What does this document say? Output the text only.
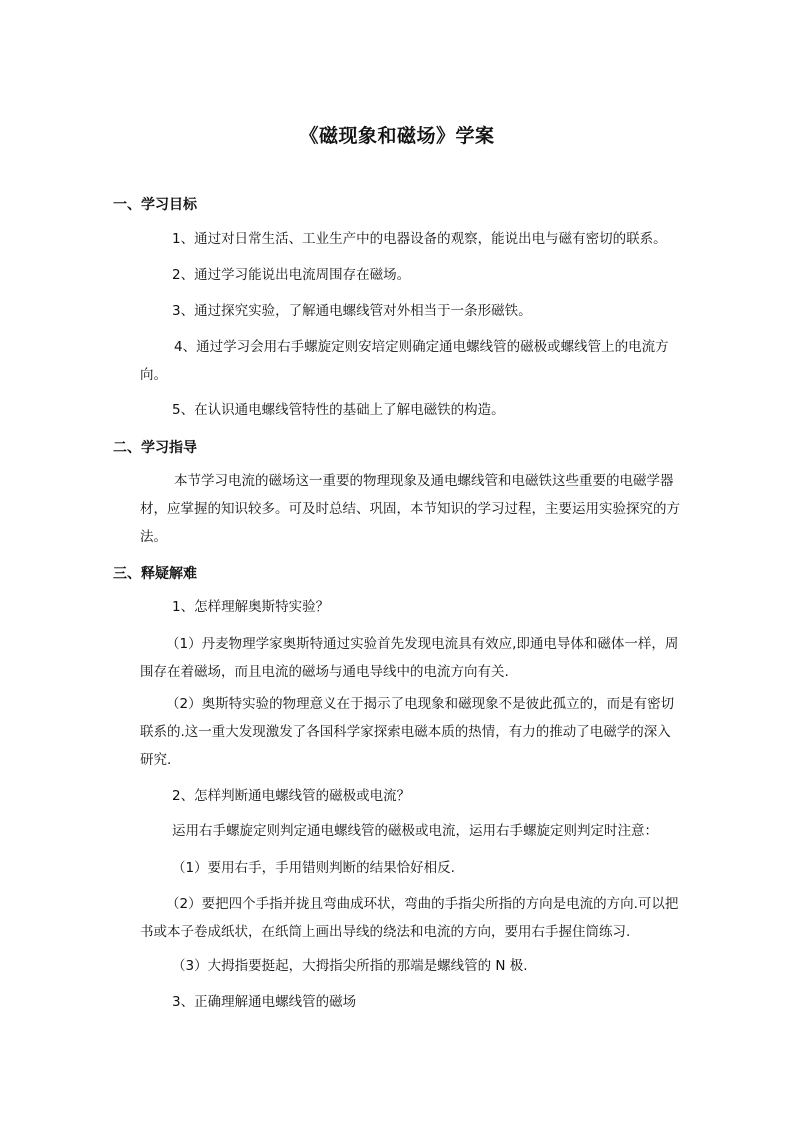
《磁现象和磁场》学案
一、学习目标
1、通过对日常生活、工业生产中的电器设备的观察，能说出电与磁有密切的联系。
2、通过学习能说出电流周围存在磁场。
3、通过探究实验，了解通电螺线管对外相当于一条形磁铁。
4、通过学习会用右手螺旋定则安培定则确定通电螺线管的磁极或螺线管上的电流方向。
5、在认识通电螺线管特性的基础上了解电磁铁的构造。
二、学习指导
本节学习电流的磁场这一重要的物理现象及通电螺线管和电磁铁这些重要的电磁学器材，应掌握的知识较多。可及时总结、巩固，本节知识的学习过程，主要运用实验探究的方法。
三、释疑解难
1、怎样理解奥斯特实验？
（1）丹麦物理学家奥斯特通过实验首先发现电流具有效应,即通电导体和磁体一样，周围存在着磁场，而且电流的磁场与通电导线中的电流方向有关.
（2）奥斯特实验的物理意义在于揭示了电现象和磁现象不是彼此孤立的，而是有密切联系的.这一重大发现激发了各国科学家探索电磁本质的热情，有力的推动了电磁学的深入研究.
2、怎样判断通电螺线管的磁极或电流？
运用右手螺旋定则判定通电螺线管的磁极或电流，运用右手螺旋定则判定时注意：
（1）要用右手，手用错则判断的结果恰好相反.
（2）要把四个手指并拢且弯曲成环状，弯曲的手指尖所指的方向是电流的方向.可以把书或本子卷成纸状，在纸筒上画出导线的绕法和电流的方向，要用右手握住筒练习.
（3）大拇指要挺起，大拇指尖所指的那端是螺线管的 N 极.
3、正确理解通电螺线管的磁场
